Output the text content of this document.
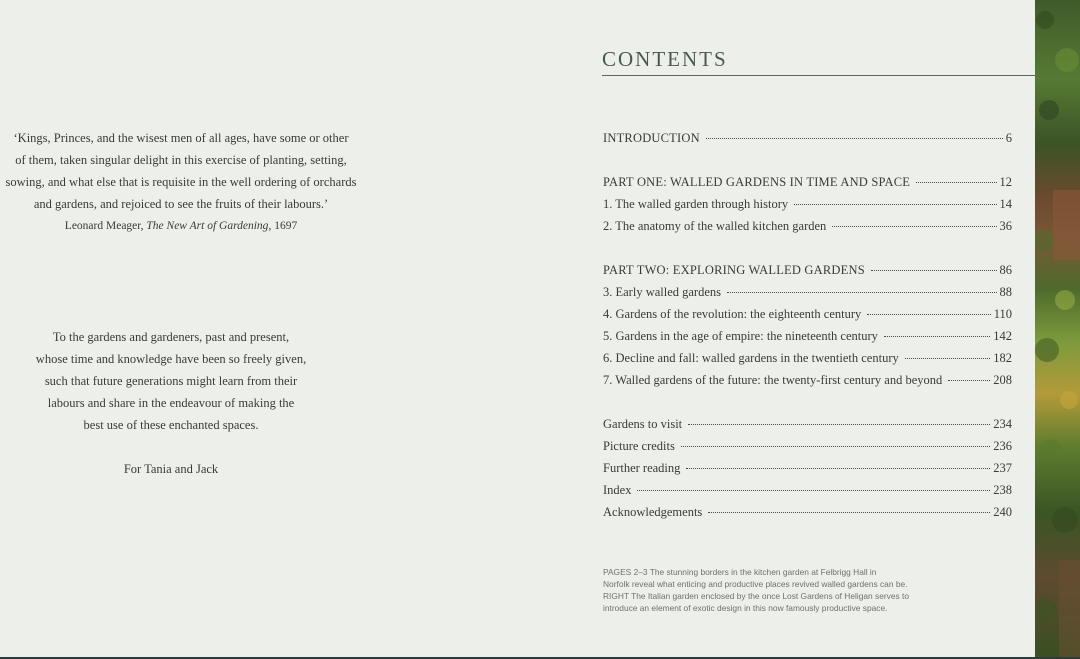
‘Kings, Princes, and the wisest men of all ages, have some or other
of them, taken singular delight in this exercise of planting, setting,
sowing, and what else that is requisite in the well ordering of orchards
and gardens, and rejoiced to see the fruits of their labours.’
Leonard Meager, The New Art of Gardening, 1697
To the gardens and gardeners, past and present,
whose time and knowledge have been so freely given,
such that future generations might learn from their
labours and share in the endeavour of making the
best use of these enchanted spaces.
For Tania and Jack
CONTENTS
INTRODUCTION	6
PART ONE: WALLED GARDENS IN TIME AND SPACE	12
1. The walled garden through history	14
2. The anatomy of the walled kitchen garden	36
PART TWO: EXPLORING WALLED GARDENS	86
3. Early walled gardens	88
4. Gardens of the revolution: the eighteenth century	110
5. Gardens in the age of empire: the nineteenth century	142
6. Decline and fall: walled gardens in the twentieth century	182
7. Walled gardens of the future: the twenty-first century and beyond	208
Gardens to visit	234
Picture credits	236
Further reading	237
Index	238
Acknowledgements	240
PAGES 2–3 The stunning borders in the kitchen garden at Felbrigg Hall in
Norfolk reveal what enticing and productive places revived walled gardens can be.
RIGHT The Italian garden enclosed by the once Lost Gardens of Heligan serves to
introduce an element of exotic design in this now famously productive space.
